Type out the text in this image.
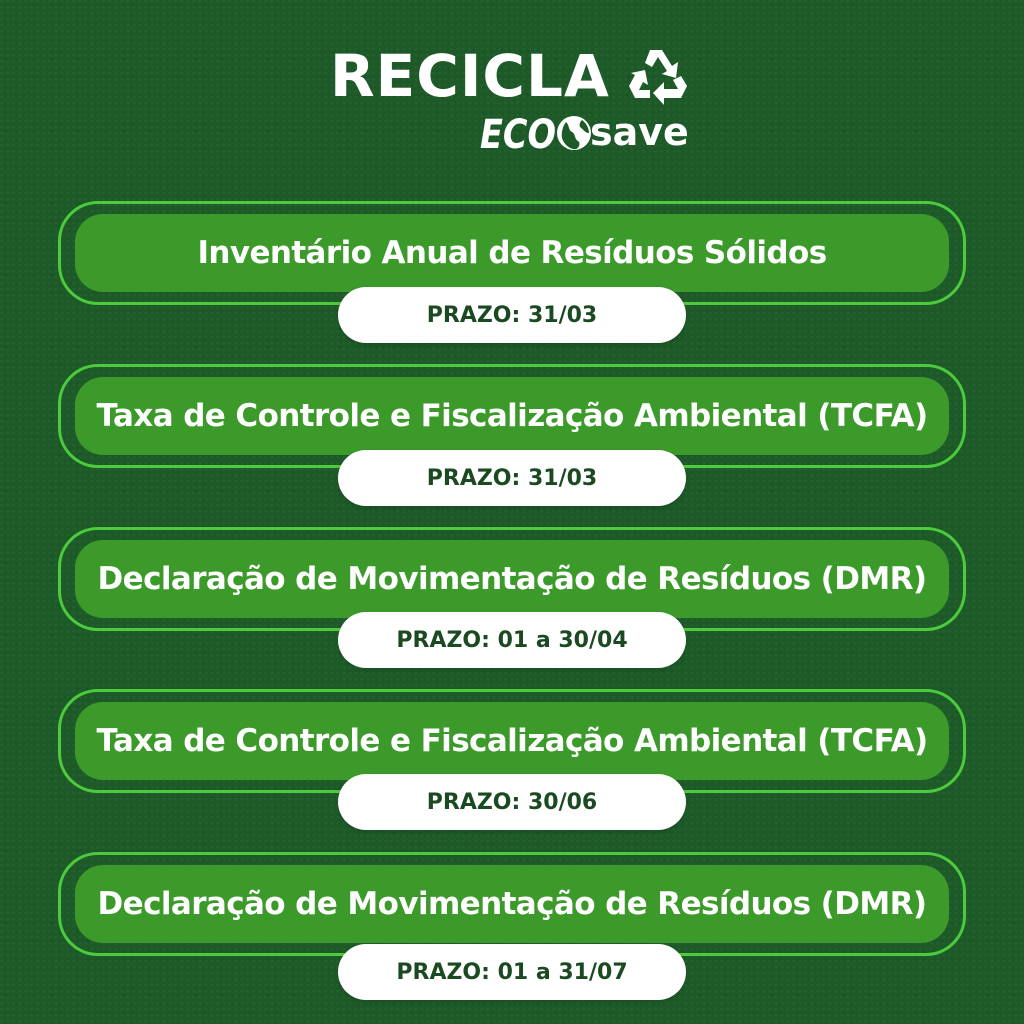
RECICLA
ECO save
Inventário Anual de Resíduos Sólidos
PRAZO: 31/03
Taxa de Controle e Fiscalização Ambiental (TCFA)
PRAZO: 31/03
Declaração de Movimentação de Resíduos (DMR)
PRAZO: 01 a 30/04
Taxa de Controle e Fiscalização Ambiental (TCFA)
PRAZO: 30/06
Declaração de Movimentação de Resíduos (DMR)
PRAZO: 01 a 31/07
